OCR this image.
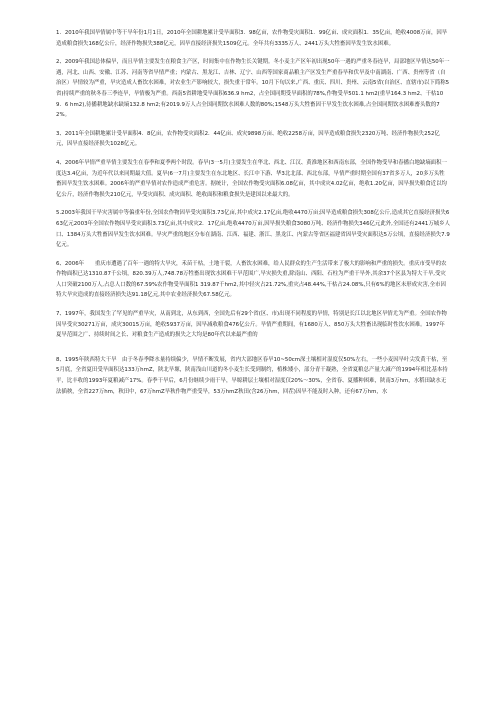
1．2010年我国旱情属中等干旱年份1月1日，2010年全国耕地累计受旱面积3．98亿亩，农作物受灾面积1．99亿亩、成灾面积1．35亿亩，绝收4008万亩，因旱造成粮食损失168亿公斤，经济作物损失388亿元，因旱直接经济损失1509亿元。全年共有3335万人、2441万头大牲畜因旱发生饮水困难。

2、2009年我国总体偏旱，而且旱情主要发生在粮食主产区，时间集中在作物生长关键期。冬小麦主产区年初出现50年一遇的严重冬春连旱，局部地区旱情达50年一遇，河北、山西、安徽、江苏、河南等省旱情严重；内蒙古、黑龙江、吉林、辽宁、山西等国家商品粮主产区发生严重春旱和伏旱及中南湖南、广西、贵州等省（自治区）旱情较为严重，旱灾造成人畜饮水困难，对农业生产影响较大，损失重于常年。10月下旬以来,广西、重庆、四川、贵州、云南5省(自治区、直辖市)以下简称5省)持续严重的秋冬春三季连旱，旱情极为严重。西南5省耕地受旱面积636.9 hm2，占全国同期受旱面积的78%,作物受旱501.1 hm2(重旱164.3 hm2、干枯109．6 hm2),待播耕地缺水缺墒132.8 hm2;有2019.9万人占全国同期饮水困难人数的80%;1548万头大牲畜因干旱发生饮水困难,占全国同期饮水困难畜头数的72%。

3、2011年全国耕地累计受旱面积4．8亿亩，农作物受灾面积2．44亿亩、成灾9898万亩、绝收2258万亩，因旱造成粮食损失2320万吨、经济作物损失252亿元，因旱直接经济损失1028亿元。

4、2006年旱情严重旱情主要发生在春季和夏季两个时段。春旱(3一5月)主要发生在华北、西北、江汉、黄淮地区和西南东部，全国作物受旱和春播白地缺墒面积一度达3.4亿亩，为近年代以来同期最大值。夏旱(6一7月)主要发生在东北地区、长江中下游、华3北北部、西北东部，旱情严重时期全国有37省多万人，20多万头牲畜因旱发生饮水困难。2006年的严重旱情对农作造成严重危害。据统计，全国农作物受灾面积6.08亿亩，其中成灾4.02亿亩，绝收1.20亿亩，因旱损失粮食近以均亿公斤，经济作物损失210亿元，旱受灾面积、成灾面积、绝收面积和粮食损失是建国以来最大的。

5.2003年我国干旱灾害属中等偏重年份,全国农作物因旱受灾面积3.73亿亩,其中成灾2.17亿亩,绝收4470万亩;因旱造成粮食损失308亿公斤,造成其它直接经济损失663亿元2003年全国农作物因旱受灾面积3.73亿亩,其中成灾2．17亿亩,绝收4470万亩,因旱损失粮食3080万吨、经济作物损失346亿元此外,全国还有2441万城乡人口、1384万头大牲畜因旱发生饮水困难。旱灾严重的地区分布在湖南、江西、福建、浙江、黑龙江、内蒙古等省区福建省因旱受灾面积达5万公顷，直接经济损失7.9亿元。

6、2006年　　重庆市遭遇了百年一遇的特大旱灾，禾苗干枯，土地干裂，人畜饮水困难，给人民群众的生产生活带来了极大的影响和严重的损失。重庆市受旱的农作物面积已达1310.87千公顷，820.39万人,748.78万牲畜出现饮水困难干旱范围广,旱灾损失重,除南山、西阳、石柱为严重干旱外,其余37个区县为特大干旱,受灾人口突破2100万人,占总人口数的67.59%农作物受旱面积1 319.87千hm2,其中轻灾占21.72%,重灾占48.44%,干枯占24.08%,只有6%的地区未形成灾害,全市因特大旱灾造成的直接经济损失达91.18亿元,其中农业经济损失67.58亿元。

7、1997年，我国发生了罕见的严重旱灾，从南到北，从东到西，全国先后有29个省(区、市)出现不同程度的旱情，特别是长江以北地区旱情尤为严重。全国农作物因旱受灾30271万亩，成灾30015万亩，绝收5937万亩，因旱减收粮食476亿公斤。旱情严重期间，有1680万人、850万头大牲畜出现临时性饮水困难。1997年夏旱范围之广、持续时间之长、对粮食生产造成的损失之大均是80年代以来最严重的

8、1995年陕西特大干旱　由于冬春季降水量持续偏少，旱情不断发展，省内大部地区春旱10~50cm深土壤相对湿度仅50%左右，一些小麦因旱叶尖发黄干枯，至5月底，全省夏田受旱面积达133万hmZ，陕北旱塬，陕南浅山川道的冬小麦生长受到制约，植株矮小，部分青干凝熟，全省夏粮总产量大减产的1994年相比基本持平，比丰收的1993年夏粮减产17%。春季干旱后，6月份继续少雨干旱，旱塬耕层土壤相对湿度仅20%～30%，全省春、夏播种困难，陕南3万hm，水稻田缺水无法插秧，全省227万hm，秋田中，67万hmZ旱秋作物严重受旱，53万hmZ秋田(含26万hm，回茬)因旱不能及时入种，还有67万hm，水
